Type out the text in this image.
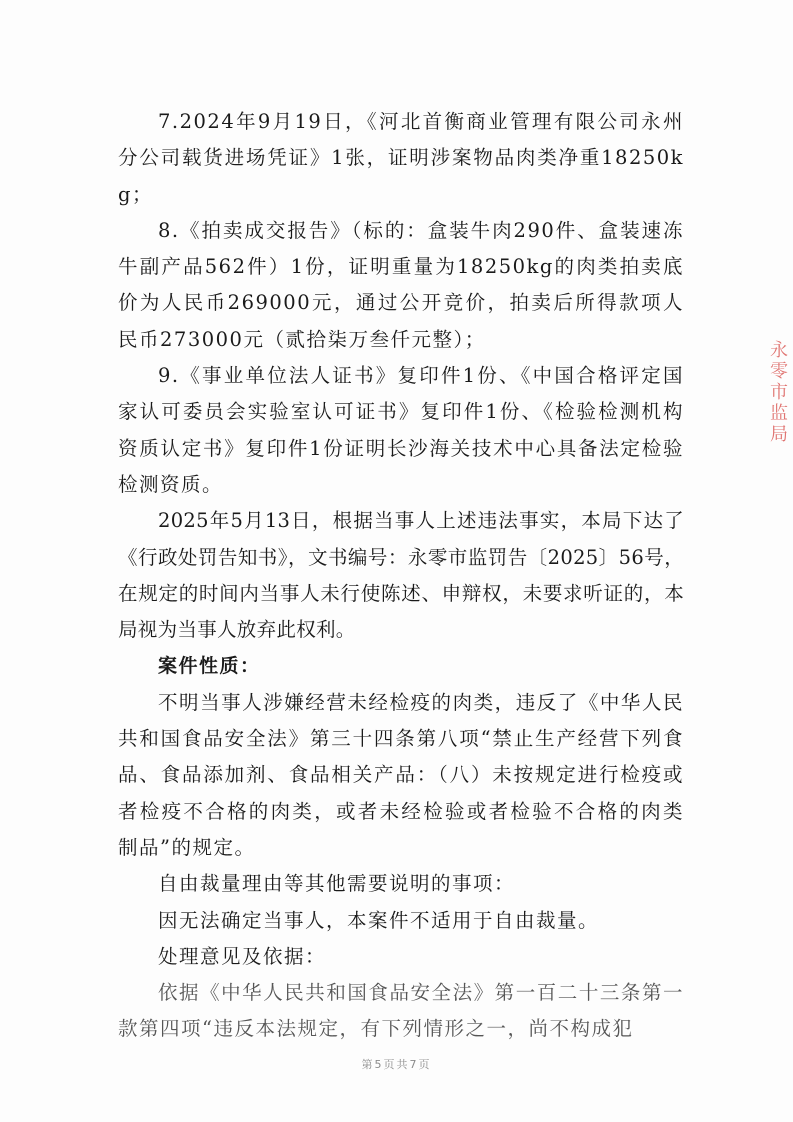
7.2024年9月19日，《河北首衡商业管理有限公司永州分公司载货进场凭证》1张，证明涉案物品肉类净重18250kg；

8.《拍卖成交报告》（标的：盒装牛肉290件、盒装速冻牛副产品562件）1份，证明重量为18250kg的肉类拍卖底价为人民币269000元，通过公开竞价，拍卖后所得款项人民币273000元（贰拾柒万叁仟元整）；

9.《事业单位法人证书》复印件1份、《中国合格评定国家认可委员会实验室认可证书》复印件1份、《检验检测机构资质认定书》复印件1份证明长沙海关技术中心具备法定检验检测资质。

2025年5月13日，根据当事人上述违法事实，本局下达了《行政处罚告知书》，文书编号：永零市监罚告〔2025〕56号，在规定的时间内当事人未行使陈述、申辩权，未要求听证的，本局视为当事人放弃此权利。

案件性质：

不明当事人涉嫌经营未经检疫的肉类，违反了《中华人民共和国食品安全法》第三十四条第八项“禁止生产经营下列食品、食品添加剂、食品相关产品：（八）未按规定进行检疫或者检疫不合格的肉类，或者未经检验或者检验不合格的肉类制品”的规定。

自由裁量理由等其他需要说明的事项：

因无法确定当事人，本案件不适用于自由裁量。

处理意见及依据：

依据《中华人民共和国食品安全法》第一百二十三条第一款第四项“违反本法规定，有下列情形之一，尚不构成犯

永零市监局
第5页共7页
